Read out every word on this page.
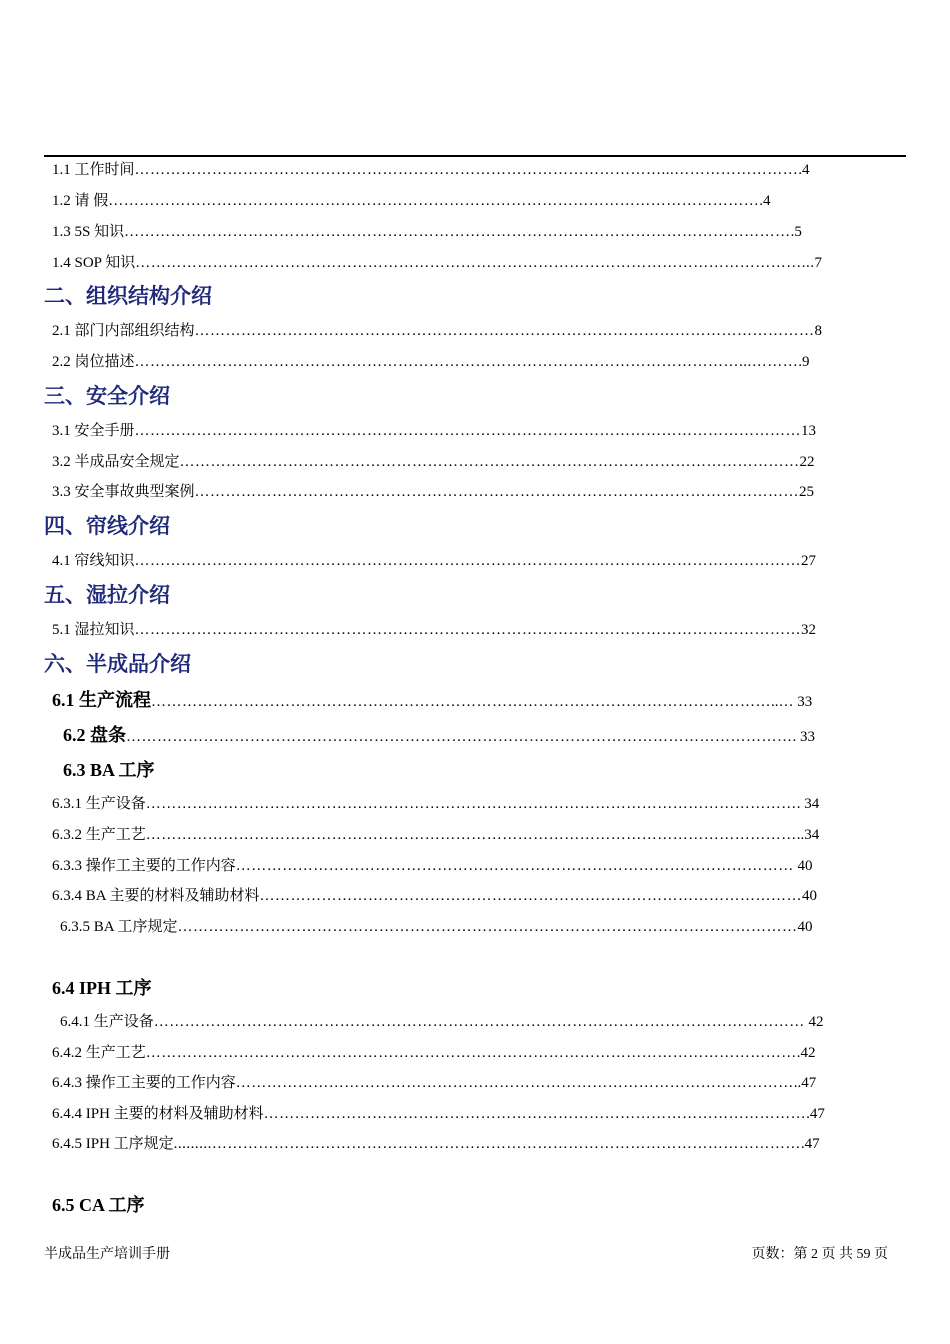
1.1 工作时间…………………………………………………………………………………………...…………………….4
1.2 请 假……………………………………………………………………………………………………………….4
1.3 5S 知识………………………………………………………………………………………………………………….5
1.4 SOP 知识…………………………………………………………………………………………………………………...7
二、组织结构介绍
2.1 部门内部组织结构…………………………………………………………………………………………………………8
2.2 岗位描述………………………………………………………………………………………………………...……….9
三、安全介绍
3.1 安全手册…………………………………………………………………………………………………………………13
3.2 半成品安全规定…………………………………………………………………………………………………………22
3.3 安全事故典型案例………………………………………………………………………………………………………25
四、帘线介绍
4.1 帘线知识…………………………………………………………………………………………………………………27
五、湿拉介绍
5.1 湿拉知识…………………………………………………………………………………………………………………32
六、半成品介绍
6.1 生产流程…………………………………………………………………………………………………………..… 33
6.2 盘条…………………………………………………………………………………………………………………. 33
6.3 BA 工序
6.3.1 生产设备………………………………………………………………………………………………………………. 34
6.3.2 生产工艺………………………………………………………………………………………………………………..34
6.3.3 操作工主要的工作内容……………………………………………………………………………………………… 40
6.3.4 BA 主要的材料及辅助材料……………………………………………………………………………………………40
6.3.5 BA 工序规定…………………………………………………………………………………………………………40
6.4 IPH 工序
6.4.1 生产设备……………………………………………………………………………………………………………… 42
6.4.2 生产工艺……………………………………………………………………………………………………………….42
6.4.3 操作工主要的工作内容………………………………………………………………………………………………..47
6.4.4 IPH 主要的材料及辅助材料…………………………………………………………………………………………….47
6.4.5 IPH 工序规定.........…………………………………………………………………………………………………….47
6.5 CA 工序
半成品生产培训手册	页数：第 2 页 共 59 页
